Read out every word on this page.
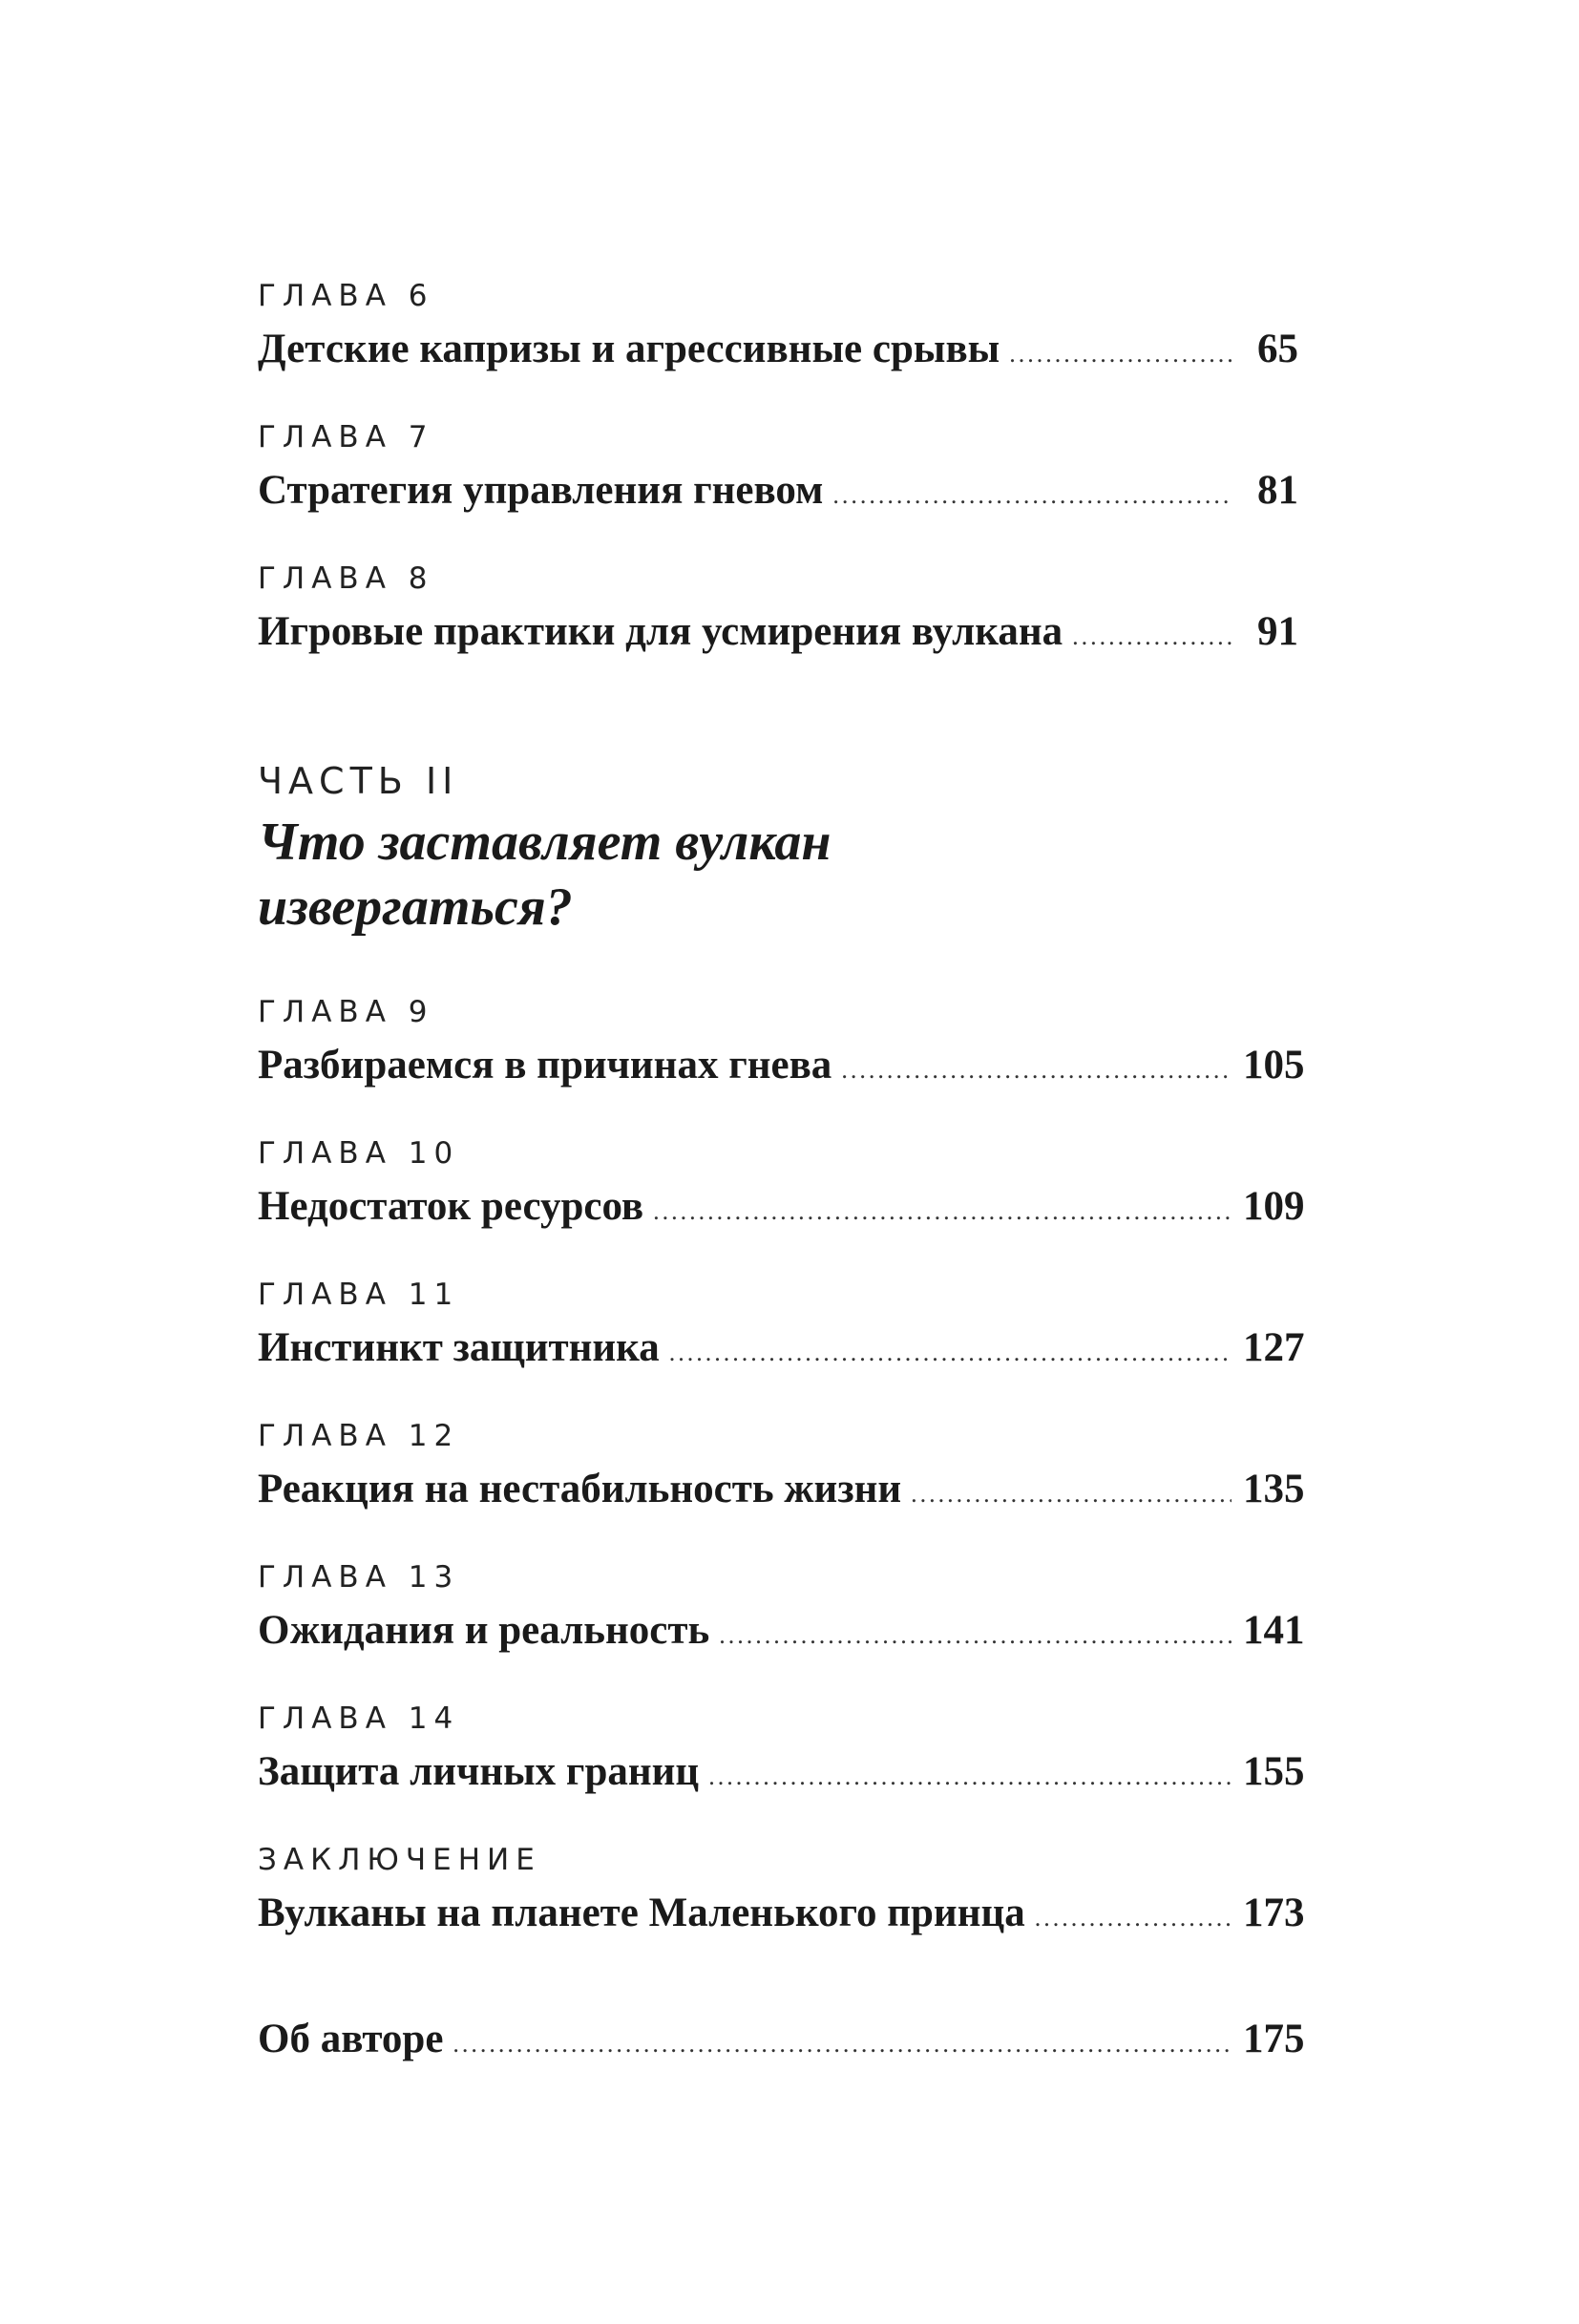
ГЛАВА 6
Детские капризы и агрессивные срывы .....	65
ГЛАВА 7
Стратегия управления гневом .....	81
ГЛАВА 8
Игровые практики для усмирения вулкана .....	91
ЧАСТЬ II
Что заставляет вулкан извергаться?
ГЛАВА 9
Разбираемся в причинах гнева .....	105
ГЛАВА 10
Недостаток ресурсов .....	109
ГЛАВА 11
Инстинкт защитника .....	127
ГЛАВА 12
Реакция на нестабильность жизни .....	135
ГЛАВА 13
Ожидания и реальность .....	141
ГЛАВА 14
Защита личных границ .....	155
ЗАКЛЮЧЕНИЕ
Вулканы на планете Маленького принца .....	173
Об авторе .....	175
